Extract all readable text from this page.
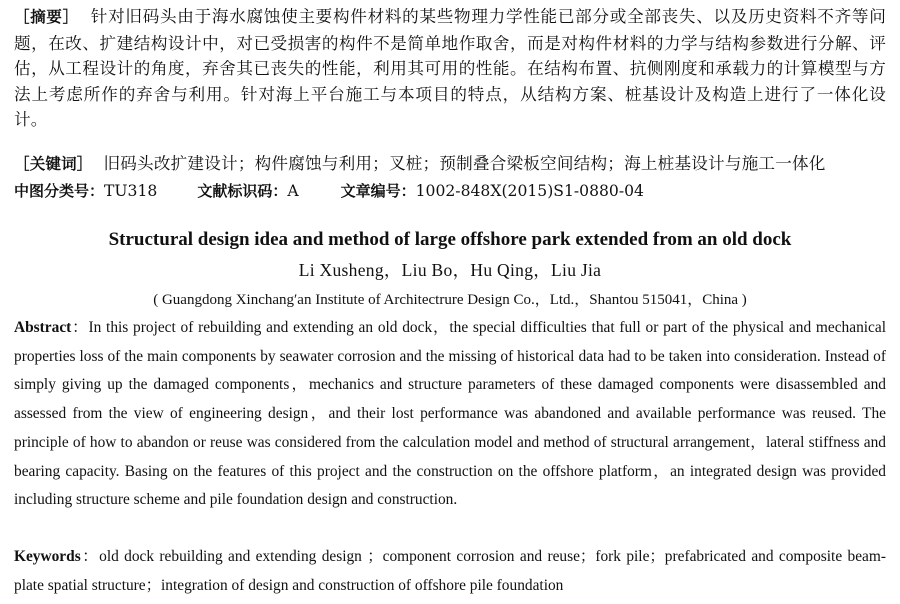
［摘要］ 针对旧码头由于海水腐蚀使主要构件材料的某些物理力学性能已部分或全部丧失、以及历史资料不齐等问题，在改、扩建结构设计中，对已受损害的构件不是简单地作取舍，而是对构件材料的力学与结构参数进行分解、评估，从工程设计的角度，弃舍其已丧失的性能，利用其可用的性能。在结构布置、抗侧刚度和承载力的计算模型与方法上考虑所作的弃舍与利用。针对海上平台施工与本项目的特点，从结构方案、桩基设计及构造上进行了一体化设计。
［关键词］ 旧码头改扩建设计；构件腐蚀与利用；叉桩；预制叠合梁板空间结构；海上桩基设计与施工一体化
中图分类号：TU318	文献标识码：A	文章编号：1002-848X(2015)S1-0880-04
Structural design idea and method of large offshore park extended from an old dock
Li Xusheng，Liu Bo，Hu Qing，Liu Jia
( Guangdong Xinchang′an Institute of Architectrure Design Co.，Ltd.，Shantou 515041，China )
Abstract：In this project of rebuilding and extending an old dock，the special difficulties that full or part of the physical and mechanical properties loss of the main components by seawater corrosion and the missing of historical data had to be taken into consideration. Instead of simply giving up the damaged components，mechanics and structure parameters of these damaged components were disassembled and assessed from the view of engineering design，and their lost performance was abandoned and available performance was reused. The principle of how to abandon or reuse was considered from the calculation model and method of structural arrangement，lateral stiffness and bearing capacity. Basing on the features of this project and the construction on the offshore platform，an integrated design was provided including structure scheme and pile foundation design and construction.
Keywords：old dock rebuilding and extending design ；component corrosion and reuse；fork pile；prefabricated and composite beam-plate spatial structure；integration of design and construction of offshore pile foundation
